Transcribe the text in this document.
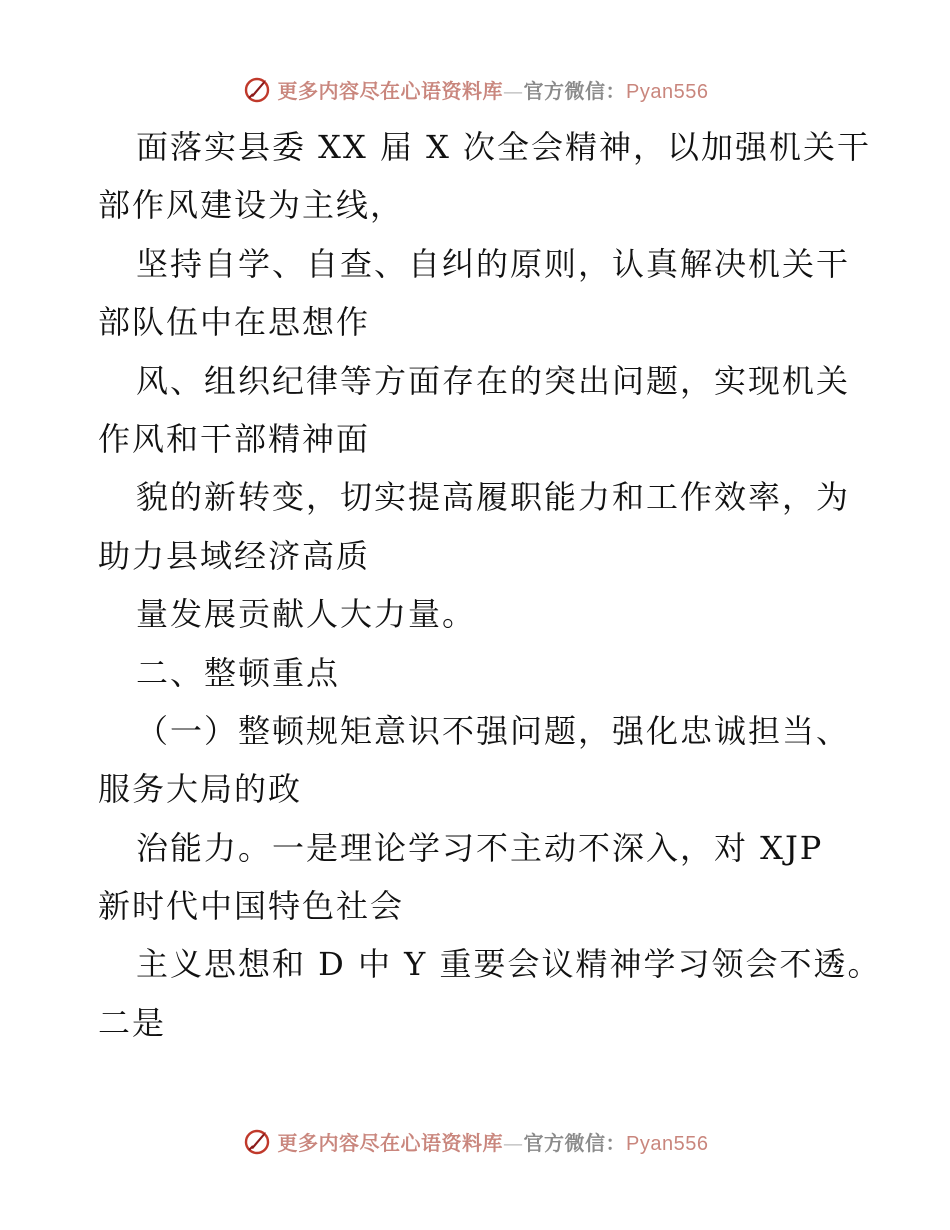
更多内容尽在心语资料库—官方微信：Pyan556
面落实县委 XX 届 X 次全会精神，以加强机关干
部作风建设为主线，
坚持自学、自查、自纠的原则，认真解决机关干
部队伍中在思想作
风、组织纪律等方面存在的突出问题，实现机关
作风和干部精神面
貌的新转变，切实提高履职能力和工作效率，为
助力县域经济高质
量发展贡献人大力量。
二、整顿重点
（一）整顿规矩意识不强问题，强化忠诚担当、
服务大局的政
治能力。一是理论学习不主动不深入，对 XJP
新时代中国特色社会
主义思想和 D 中 Y 重要会议精神学习领会不透。
二是
更多内容尽在心语资料库—官方微信：Pyan556
